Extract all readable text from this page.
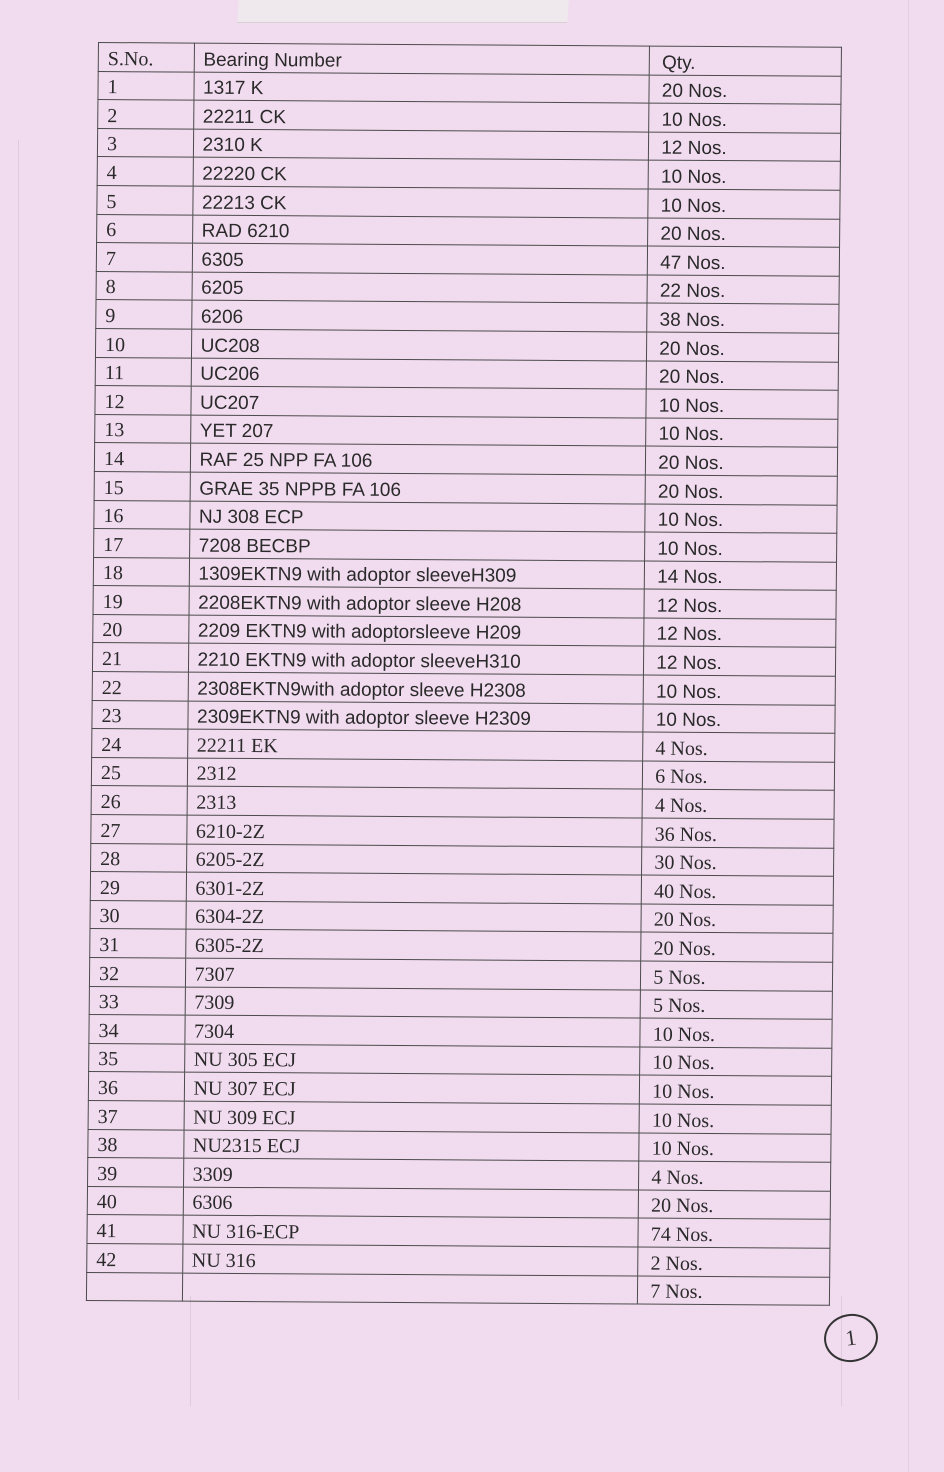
S.No.	Bearing Number	Qty.
1	1317 K	20 Nos.
2	22211 CK	10 Nos.
3	2310 K	12 Nos.
4	22220 CK	10 Nos.
5	22213 CK	10 Nos.
6	RAD 6210	20 Nos.
7	6305	47 Nos.
8	6205	22 Nos.
9	6206	38 Nos.
10	UC208	20 Nos.
11	UC206	20 Nos.
12	UC207	10 Nos.
13	YET 207	10 Nos.
14	RAF 25 NPP FA 106	20 Nos.
15	GRAE 35 NPPB FA 106	20 Nos.
16	NJ 308 ECP	10 Nos.
17	7208 BECBP	10 Nos.
18	1309EKTN9 with adoptor sleeveH309	14 Nos.
19	2208EKTN9 with adoptor sleeve H208	12 Nos.
20	2209 EKTN9 with adoptorsleeve H209	12 Nos.
21	2210 EKTN9 with adoptor sleeveH310	12 Nos.
22	2308EKTN9with adoptor sleeve H2308	10 Nos.
23	2309EKTN9 with adoptor sleeve H2309	10 Nos.
24	22211 EK	4 Nos.
25	2312	6 Nos.
26	2313	4 Nos.
27	6210-2Z	36 Nos.
28	6205-2Z	30 Nos.
29	6301-2Z	40 Nos.
30	6304-2Z	20 Nos.
31	6305-2Z	20 Nos.
32	7307	5 Nos.
33	7309	5 Nos.
34	7304	10 Nos.
35	NU 305 ECJ	10 Nos.
36	NU 307 ECJ	10 Nos.
37	NU 309 ECJ	10 Nos.
38	NU2315 ECJ	10 Nos.
39	3309	4 Nos.
40	6306	20 Nos.
41	NU 316-ECP	74 Nos.
42	NU 316	2 Nos.
		7 Nos.
1
